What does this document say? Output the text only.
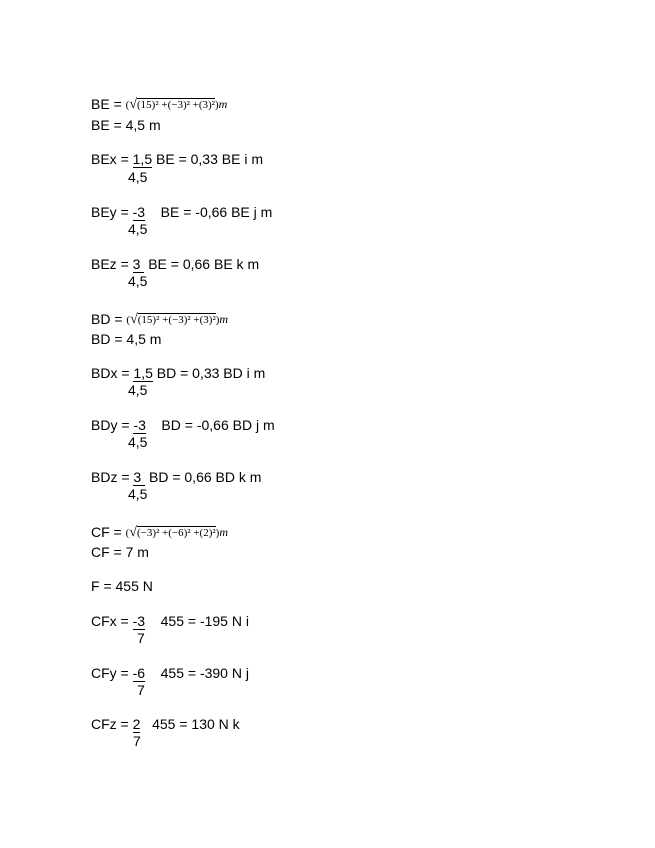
BE = (√(15)² +(−3)² +(3)²)m
BE = 4,5 m
BEx = 1,5 BE = 0,33 BE i m
4,5
BEy = -3    BE = -0,66 BE j m
4,5
BEz = 3  BE = 0,66 BE k m
4,5
BD = (√(15)² +(−3)² +(3)²)m
BD = 4,5 m
BDx = 1,5 BD = 0,33 BD i m
4,5
BDy = -3    BD = -0,66 BD j m
4,5
BDz = 3  BD = 0,66 BD k m
4,5
CF = (√(−3)² +(−6)² +(2)²)m
CF = 7 m
F = 455 N
CFx = -3    455 = -195 N i
7
CFy = -6    455 = -390 N j
7
CFz = 2   455 = 130 N k
7
